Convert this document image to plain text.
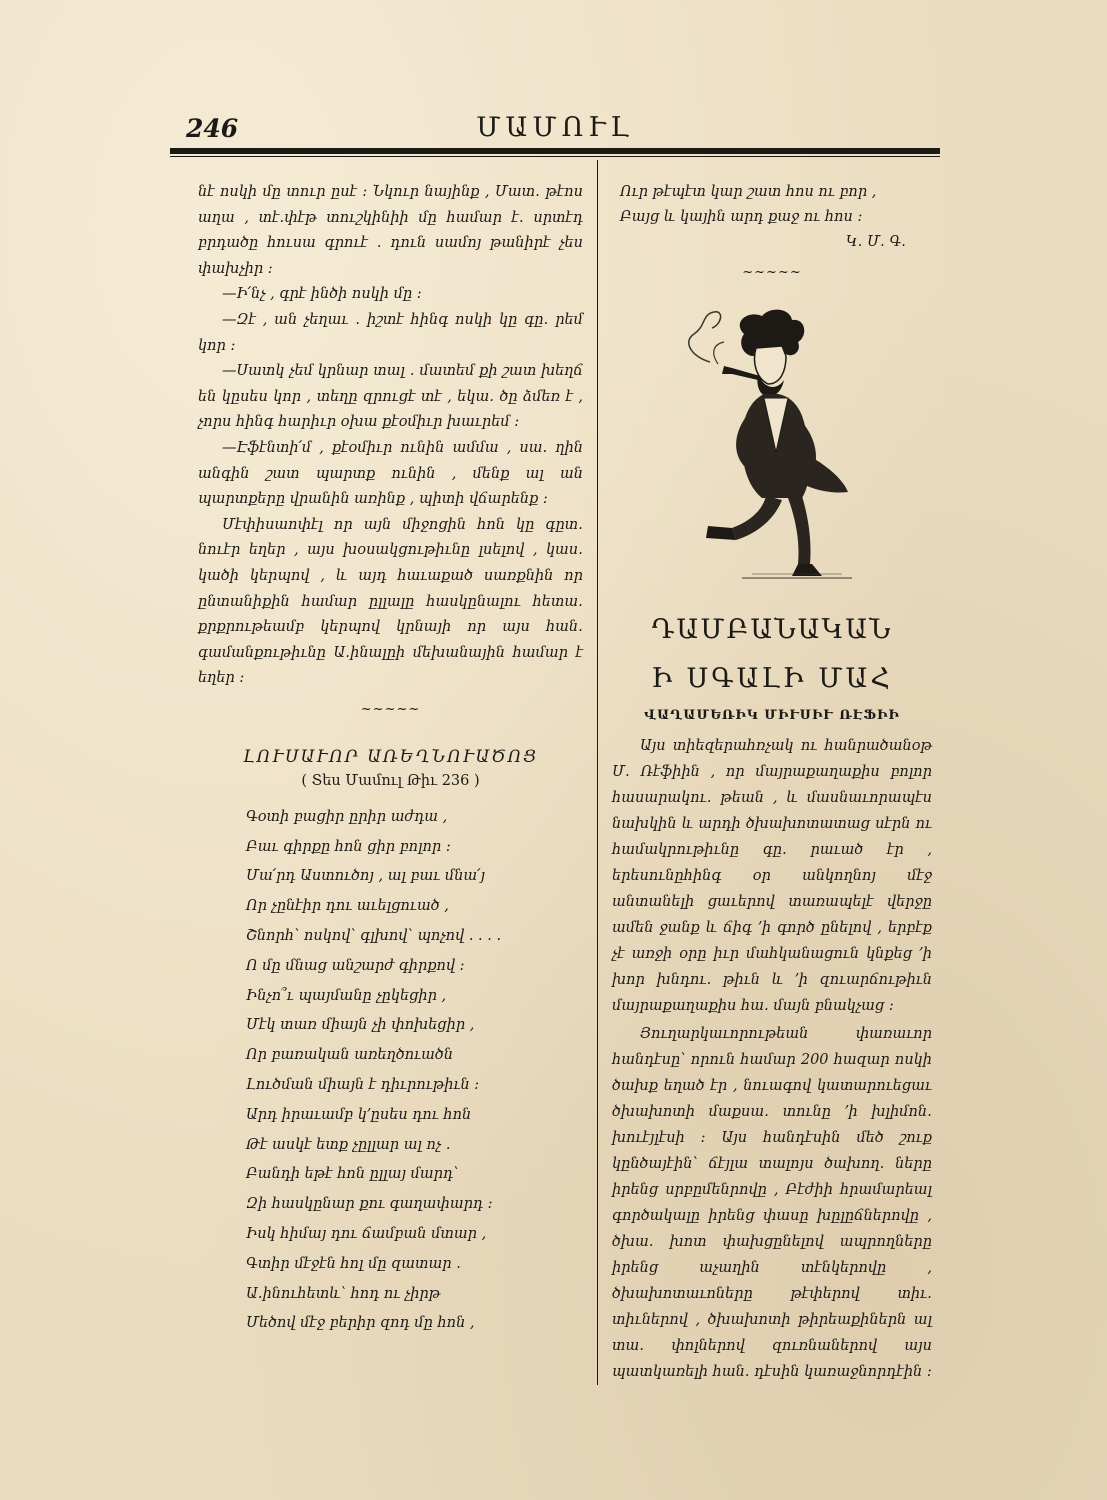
246	ՄԱՄՈՒԼ

նէ ոսկի մը տուր ըսէ ։ Նկուր նայինք , Մատ․ թէոս աղա , տէ․փէթ տուշկինիի մը համար է․ սրտէդ բրդածը հուսա գրուէ ․ դուն սամոյ թանիրէ չես փախչիր ։

—Ի՛նչ , գրէ ինծի ոսկի մը ։

—Զէ , ան չեղաւ ․ իշտէ հինգ ոսկի կը գը․ րեմ կոր ։

—Սատկ չեմ կրնար տալ ․ մատեմ քի շատ խեղճ են կըսես կոր , տեղը զրուցէ տէ , եկա․ ծը ձմեռ է , չորս հինգ հարիւր օխա քէօմիւր խաւրեմ ։

—Էֆէնտի՛մ , քէօմիւր ունին ամմա , սա․ ղին անգին շատ պարտք ունին , մենք ալ ան պարտքերը վրանին առինք , պիտի վճարենք ։

Մէփիսաոփէլ որ այն միջոցին հոն կը գըտ․ նուէր եղեր , այս խօսակցութիւնը լսելով , կաս․ կածի կերպով , և այդ հաւաքած սառքնին որ ընտանիքին համար ըլլալը հասկընալու հետա․ քրքրութեամբ կերպով կրնայի որ այս հան․ գամանքութիւնը Ա․ինալըի մեխանային համար է եղեր ։

~~~~~
ԼՈՒՍԱՒՈՐ ԱՌԵՂՆՈՒԱԾՈՑ
( Տես Մամուլ Թիւ 236 )
Գօտի բացիր ըրիր աժդա ,
Բաւ գիրքը հոն ցիր բոլոր ։
Մա՛րդ Աստուծոյ , ալ բաւ մնա՛յ
Որ չընէիր դու աւելցուած ,
Շնորհ՝ ոսկով՝ գլխով՝ պոչով . . . .
Ո մը մնաց անշարժ գիրքով ։
Ինչո՞ւ պայմանը չըկեցիր ,
Մէկ տառ միայն չի փոխեցիր ,
Որ բառական առեղծուածն
Լուծման միայն է դիւրութիւն ։
Արդ իրաւամբ կ՚ըսես դու հոն
Թէ ասկէ ետք չըլլար ալ ոչ ․
Բանդի եթէ հոն ըլլայ մարդ՝
Զի հասկընար քու գաղափարդ ։
Իսկ հիմայ դու ճամբան մտար ,
Գտիր մէջէն հոլ մը զատար ․
Ա․ինուհետև՝ հոդ ու չիրթ
Մեծով մէջ բերիր զոդ մը հոն ,
Ուր թէպէտ կար շատ հոս ու բոր ,
Բայց և կային արդ քաջ ու հոս ։
Կ․ Մ․ Գ․
~~~~~
ԴԱՄԲԱՆԱԿԱՆ
Ի ՍԳԱԼԻ ՄԱՀ
ՎԱՂԱՄԵՌԻԿ ՄԻՒՍԻՒ ՌԷՖԻԻ

Այս տիեզերահռչակ ու հանրածանօթ Մ․ Ռէֆիին , որ մայրաքաղաքիս բոլոր հասարակու․ թեան , և մասնաւորապէս նախկին և արդի ծխախոտատաց սէրն ու համակրութիւնը գը․ րաւած էր , երեսունըհինգ օր անկողնոյ մէջ անտանելի ցաւերով տառապելէ վերջը ամեն ջանք և ճիգ ՚ի գործ ընելով , երբէք չէ առջի օրը իւր մահկանացուն կնքեց ՚ի խոր խնդու․ թիւն և ՚ի զուարճութիւն մայրաքաղաքիս հա․ մայն բնակչաց ։

Յուղարկաւորութեան փառաւոր հանդէսը՝ որուն համար 200 հազար ոսկի ծախք եղած էր , նուագով կատարուեցաւ ծխախոտի մաքսա․ տունը ՚ի խլիմոն․խուէյլէսի ։ Այս հանդէսին մեծ շուք կընծայէին՝ ճէյլա տալոյս ծախող․ ները իրենց սրբըմենրովը , Բէժիի հրամարեալ գործակալը իրենց փասը խըլըճներովը , ծխա․ խոտ փախցընելով ապրողները իրենց աչաղին տէնկերովը , ծխախոտաւոները թէփերով տիւ․ տիւներով , ծխախոտի թիրեաքիներն ալ տա․ փոլներով զուռնաներով այս պատկառելի հան․ դէսին կառաջնորդէին ։
